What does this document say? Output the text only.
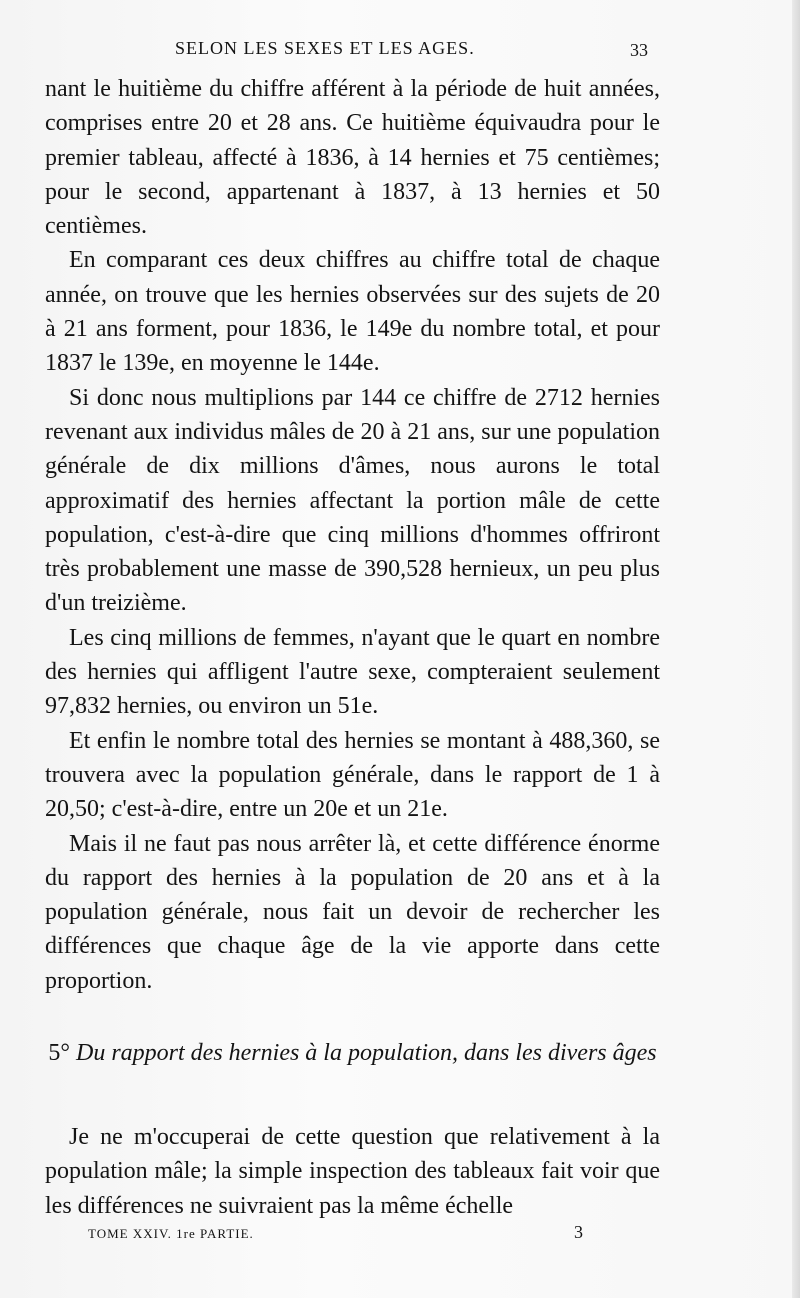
SELON LES SEXES ET LES AGES.	33

nant le huitième du chiffre afférent à la période de huit années, comprises entre 20 et 28 ans. Ce huitième équivaudra pour le premier tableau, affecté à 1836, à 14 hernies et 75 centièmes; pour le second, appartenant à 1837, à 13 hernies et 50 centièmes.

En comparant ces deux chiffres au chiffre total de chaque année, on trouve que les hernies observées sur des sujets de 20 à 21 ans forment, pour 1836, le 149e du nombre total, et pour 1837 le 139e, en moyenne le 144e.

Si donc nous multiplions par 144 ce chiffre de 2712 hernies revenant aux individus mâles de 20 à 21 ans, sur une population générale de dix millions d'âmes, nous aurons le total approximatif des hernies affectant la portion mâle de cette population, c'est-à-dire que cinq millions d'hommes offriront très probablement une masse de 390,528 hernieux, un peu plus d'un treizième.

Les cinq millions de femmes, n'ayant que le quart en nombre des hernies qui affligent l'autre sexe, compteraient seulement 97,832 hernies, ou environ un 51e.

Et enfin le nombre total des hernies se montant à 488,360, se trouvera avec la population générale, dans le rapport de 1 à 20,50; c'est-à-dire, entre un 20e et un 21e.

Mais il ne faut pas nous arrêter là, et cette différence énorme du rapport des hernies à la population de 20 ans et à la population générale, nous fait un devoir de rechercher les différences que chaque âge de la vie apporte dans cette proportion.

5° Du rapport des hernies à la population, dans les divers âges

Je ne m'occuperai de cette question que relativement à la population mâle; la simple inspection des tableaux fait voir que les différences ne suivraient pas la même échelle

TOME XXIV. 1re PARTIE.	3
